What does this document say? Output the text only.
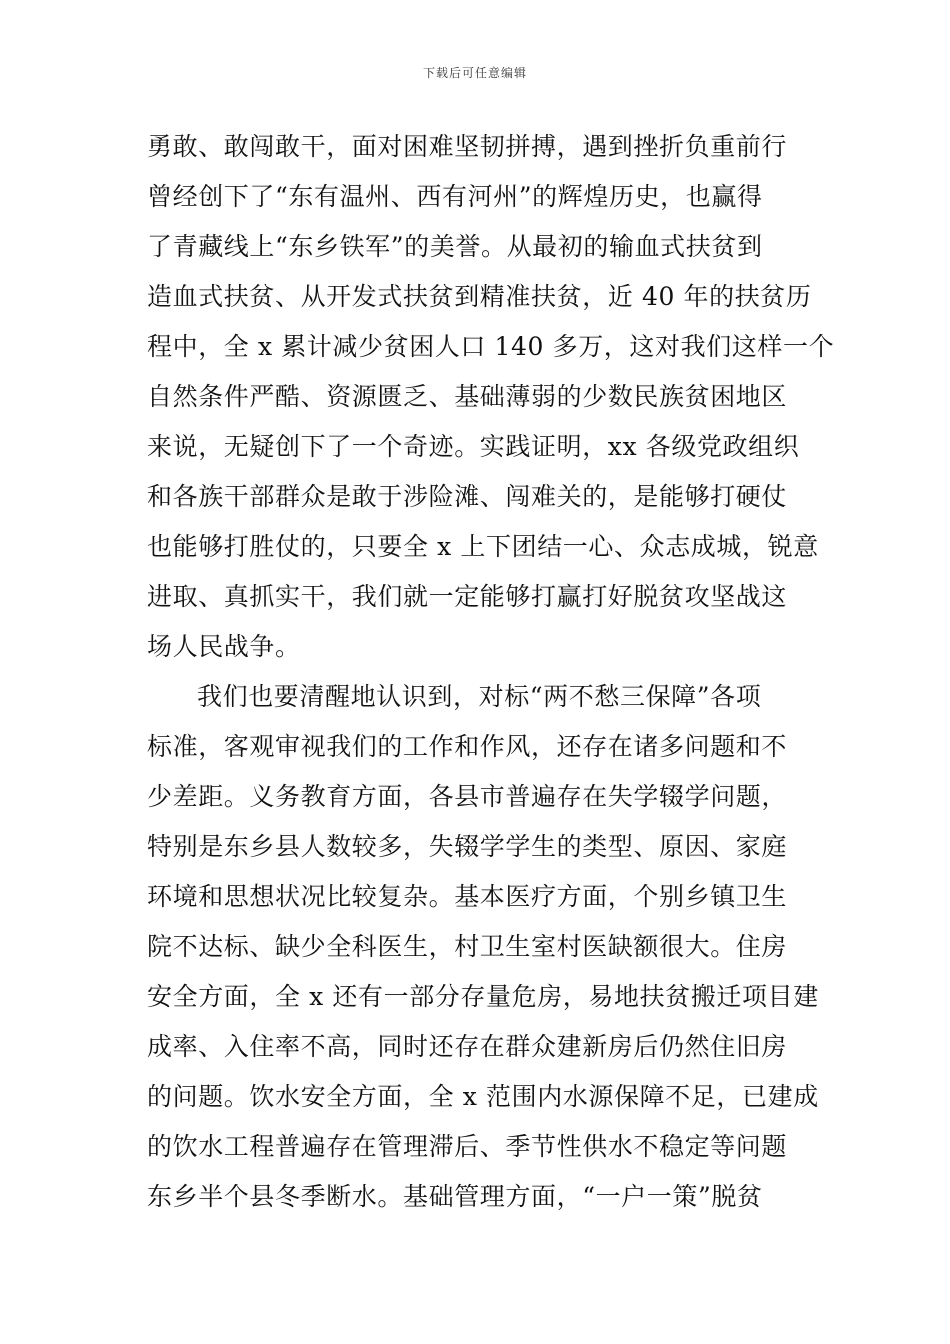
下载后可任意编辑
勇敢、敢闯敢干，面对困难坚韧拼搏，遇到挫折负重前行
曾经创下了“东有温州、西有河州”的辉煌历史，也赢得
了青藏线上“东乡铁军”的美誉。从最初的输血式扶贫到
造血式扶贫、从开发式扶贫到精准扶贫，近 40 年的扶贫历
程中，全 x 累计减少贫困人口 140 多万，这对我们这样一个
自然条件严酷、资源匮乏、基础薄弱的少数民族贫困地区
来说，无疑创下了一个奇迹。实践证明，xx 各级党政组织
和各族干部群众是敢于涉险滩、闯难关的，是能够打硬仗
也能够打胜仗的，只要全 x 上下团结一心、众志成城，锐意
进取、真抓实干，我们就一定能够打赢打好脱贫攻坚战这
场人民战争。
我们也要清醒地认识到，对标“两不愁三保障”各项
标准，客观审视我们的工作和作风，还存在诸多问题和不
少差距。义务教育方面，各县市普遍存在失学辍学问题，
特别是东乡县人数较多，失辍学学生的类型、原因、家庭
环境和思想状况比较复杂。基本医疗方面，个别乡镇卫生
院不达标、缺少全科医生，村卫生室村医缺额很大。住房
安全方面，全 x 还有一部分存量危房，易地扶贫搬迁项目建
成率、入住率不高，同时还存在群众建新房后仍然住旧房
的问题。饮水安全方面，全 x 范围内水源保障不足，已建成
的饮水工程普遍存在管理滞后、季节性供水不稳定等问题
东乡半个县冬季断水。基础管理方面，“一户一策”脱贫
